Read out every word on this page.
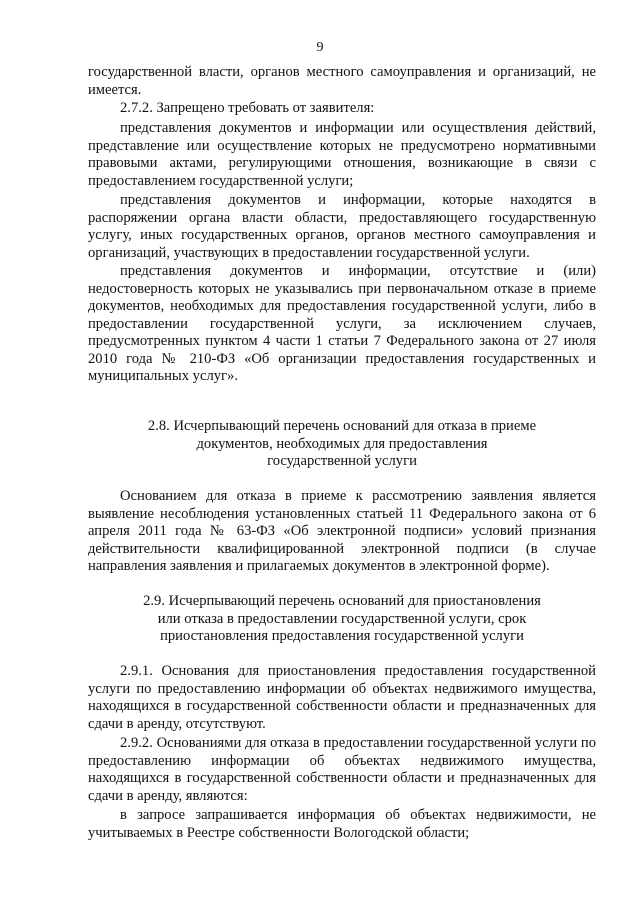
9

государственной власти, органов местного самоуправления и организаций, не имеется.

2.7.2. Запрещено требовать от заявителя:

представления документов и информации или осуществления действий, представление или осуществление которых не предусмотрено нормативными правовыми актами, регулирующими отношения, возникающие в связи с предоставлением государственной услуги;

представления документов и информации, которые находятся в распоряжении органа власти области, предоставляющего государственную услугу, иных государственных органов, органов местного самоуправления и организаций, участвующих в предоставлении государственной услуги.

представления документов и информации, отсутствие и (или) недостоверность которых не указывались при первоначальном отказе в приеме документов, необходимых для предоставления государственной услуги, либо в предоставлении государственной услуги, за исключением случаев, предусмотренных пунктом 4 части 1 статьи 7 Федерального закона от 27 июля 2010 года № 210-ФЗ «Об организации предоставления государственных и муниципальных услуг».

2.8. Исчерпывающий перечень оснований для отказа в приеме
документов, необходимых для предоставления
государственной услуги

Основанием для отказа в приеме к рассмотрению заявления является выявление несоблюдения установленных статьей 11 Федерального закона от 6 апреля 2011 года № 63-ФЗ «Об электронной подписи» условий признания действительности квалифицированной электронной подписи (в случае направления заявления и прилагаемых документов в электронной форме).

2.9. Исчерпывающий перечень оснований для приостановления
или отказа в предоставлении государственной услуги, срок
приостановления предоставления государственной услуги

2.9.1. Основания для приостановления предоставления государственной услуги по предоставлению информации об объектах недвижимого имущества, находящихся в государственной собственности области и предназначенных для сдачи в аренду, отсутствуют.

2.9.2. Основаниями для отказа в предоставлении государственной услуги по предоставлению информации об объектах недвижимого имущества, находящихся в государственной собственности области и предназначенных для сдачи в аренду, являются:

в запросе запрашивается информация об объектах недвижимости, не учитываемых в Реестре собственности Вологодской области;
